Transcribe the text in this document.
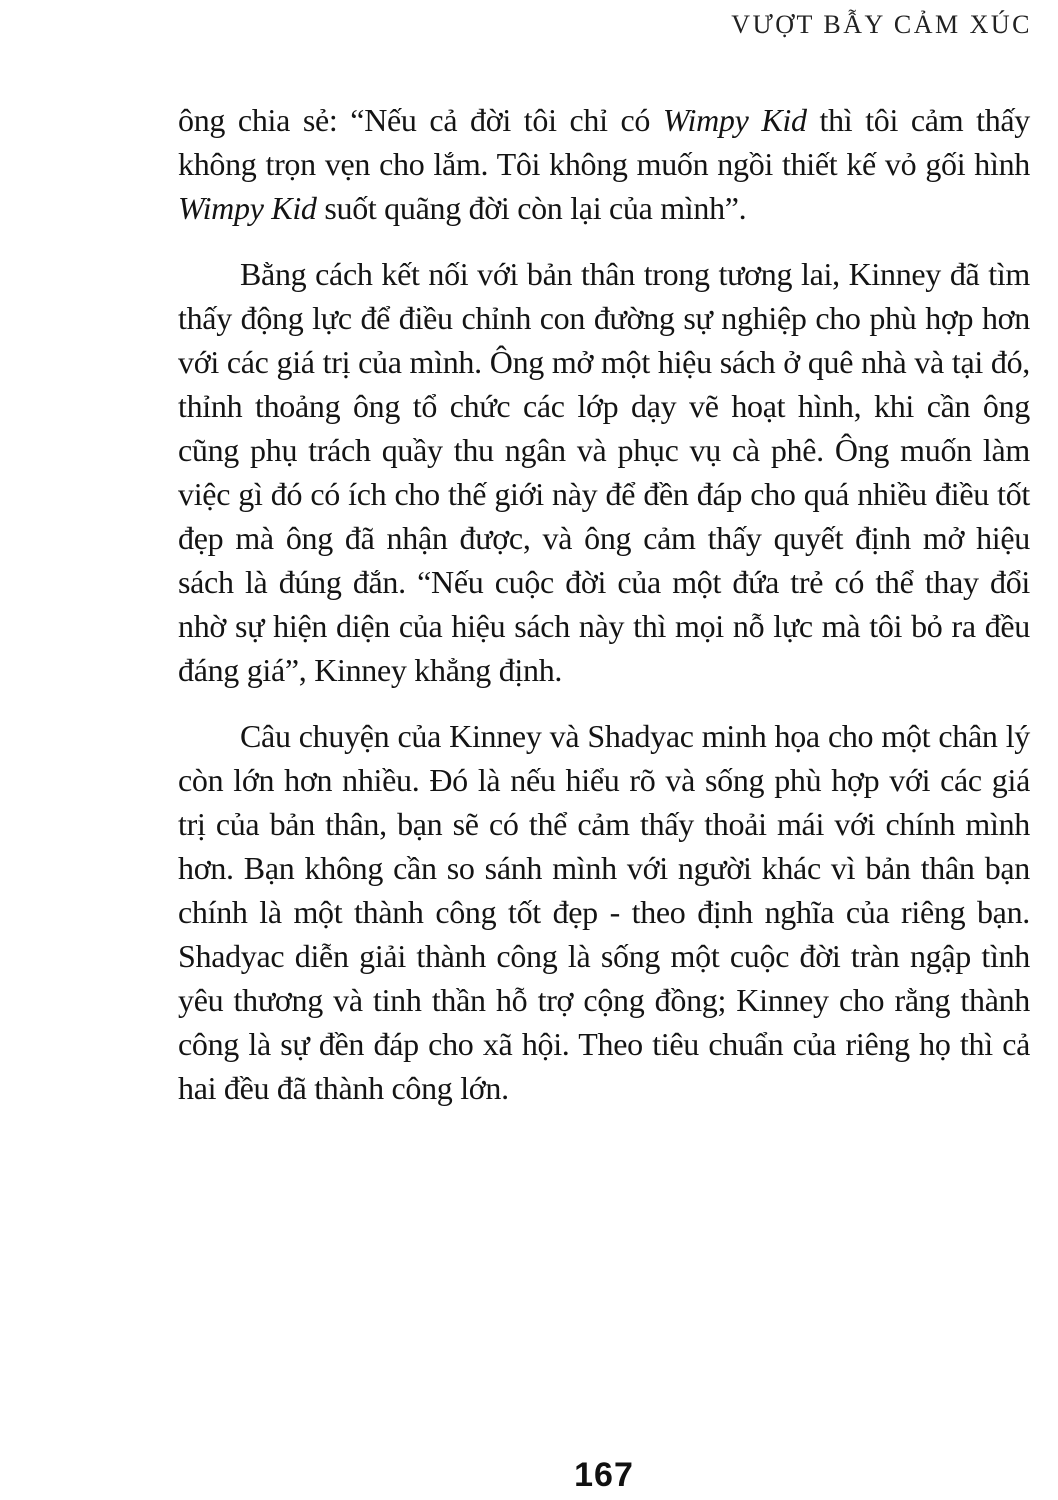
VƯỢT BẪY CẢM XÚC

ông chia sẻ: “Nếu cả đời tôi chỉ có Wimpy Kid thì tôi cảm thấy không trọn vẹn cho lắm. Tôi không muốn ngồi thiết kế vỏ gối hình Wimpy Kid suốt quãng đời còn lại của mình”.

Bằng cách kết nối với bản thân trong tương lai, Kinney đã tìm thấy động lực để điều chỉnh con đường sự nghiệp cho phù hợp hơn với các giá trị của mình. Ông mở một hiệu sách ở quê nhà và tại đó, thỉnh thoảng ông tổ chức các lớp dạy vẽ hoạt hình, khi cần ông cũng phụ trách quầy thu ngân và phục vụ cà phê. Ông muốn làm việc gì đó có ích cho thế giới này để đền đáp cho quá nhiều điều tốt đẹp mà ông đã nhận được, và ông cảm thấy quyết định mở hiệu sách là đúng đắn. “Nếu cuộc đời của một đứa trẻ có thể thay đổi nhờ sự hiện diện của hiệu sách này thì mọi nỗ lực mà tôi bỏ ra đều đáng giá”, Kinney khẳng định.

Câu chuyện của Kinney và Shadyac minh họa cho một chân lý còn lớn hơn nhiều. Đó là nếu hiểu rõ và sống phù hợp với các giá trị của bản thân, bạn sẽ có thể cảm thấy thoải mái với chính mình hơn. Bạn không cần so sánh mình với người khác vì bản thân bạn chính là một thành công tốt đẹp - theo định nghĩa của riêng bạn. Shadyac diễn giải thành công là sống một cuộc đời tràn ngập tình yêu thương và tinh thần hỗ trợ cộng đồng; Kinney cho rằng thành công là sự đền đáp cho xã hội. Theo tiêu chuẩn của riêng họ thì cả hai đều đã thành công lớn.

167
